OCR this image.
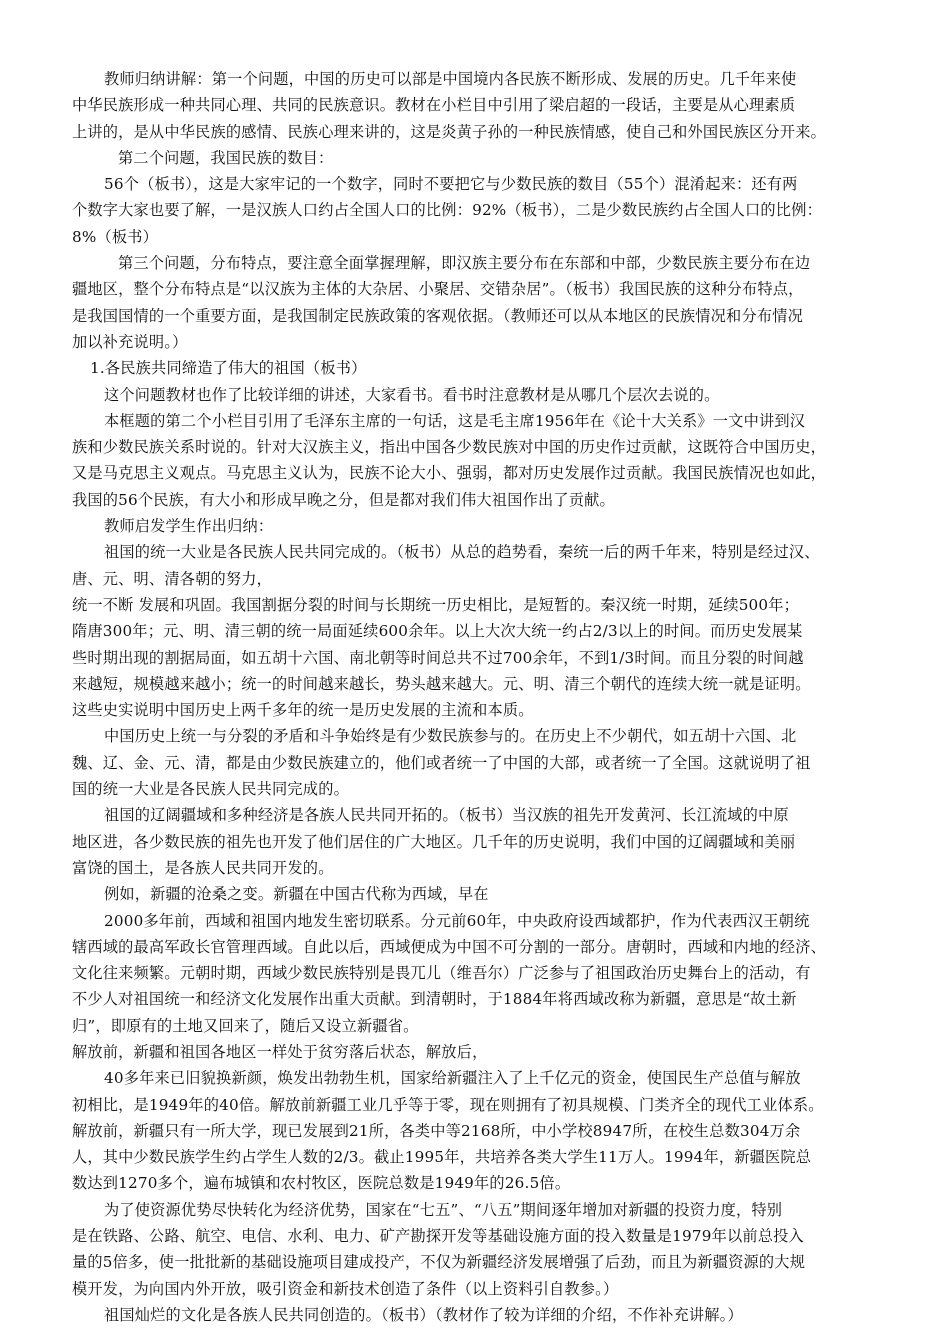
教师归纳讲解：第一个问题，中国的历史可以部是中国境内各民族不断形成、发展的历史。几千年来使
中华民族形成一种共同心理、共同的民族意识。教材在小栏目中引用了梁启超的一段话，主要是从心理素质
上讲的，是从中华民族的感情、民族心理来讲的，这是炎黄子孙的一种民族情感，使自己和外国民族区分开来。
第二个问题，我国民族的数目：
56个（板书），这是大家牢记的一个数字，同时不要把它与少数民族的数目（55个）混淆起来：还有两
个数字大家也要了解，一是汉族人口约占全国人口的比例：92%（板书），二是少数民族约占全国人口的比例：
8%（板书）
第三个问题，分布特点，要注意全面掌握理解，即汉族主要分布在东部和中部，少数民族主要分布在边
疆地区，整个分布特点是“以汉族为主体的大杂居、小聚居、交错杂居”。（板书）我国民族的这种分布特点，
是我国国情的一个重要方面，是我国制定民族政策的客观依据。（教师还可以从本地区的民族情况和分布情况
加以补充说明。）
1.各民族共同缔造了伟大的祖国（板书）
这个问题教材也作了比较详细的讲述，大家看书。看书时注意教材是从哪几个层次去说的。
本框题的第二个小栏目引用了毛泽东主席的一句话，这是毛主席1956年在《论十大关系》一文中讲到汉
族和少数民族关系时说的。针对大汉族主义，指出中国各少数民族对中国的历史作过贡献，这既符合中国历史，
又是马克思主义观点。马克思主义认为，民族不论大小、强弱，都对历史发展作过贡献。我国民族情况也如此，
我国的56个民族，有大小和形成早晚之分，但是都对我们伟大祖国作出了贡献。
教师启发学生作出归纳：
祖国的统一大业是各民族人民共同完成的。（板书）从总的趋势看，秦统一后的两千年来，特别是经过汉、
唐、元、明、清各朝的努力，
统一不断 发展和巩固。我国割据分裂的时间与长期统一历史相比，是短暂的。秦汉统一时期，延续500年；
隋唐300年；元、明、清三朝的统一局面延续600余年。以上大次大统一约占2/3以上的时间。而历史发展某
些时期出现的割据局面，如五胡十六国、南北朝等时间总共不过700余年，不到1/3时间。而且分裂的时间越
来越短，规模越来越小；统一的时间越来越长，势头越来越大。元、明、清三个朝代的连续大统一就是证明。
这些史实说明中国历史上两千多年的统一是历史发展的主流和本质。
中国历史上统一与分裂的矛盾和斗争始终是有少数民族参与的。在历史上不少朝代，如五胡十六国、北
魏、辽、金、元、清，都是由少数民族建立的，他们或者统一了中国的大部，或者统一了全国。这就说明了祖
国的统一大业是各民族人民共同完成的。
祖国的辽阔疆域和多种经济是各族人民共同开拓的。（板书）当汉族的祖先开发黄河、长江流域的中原
地区进，各少数民族的祖先也开发了他们居住的广大地区。几千年的历史说明，我们中国的辽阔疆域和美丽
富饶的国土，是各族人民共同开发的。
例如，新疆的沧桑之变。新疆在中国古代称为西域，早在
2000多年前，西域和祖国内地发生密切联系。分元前60年，中央政府设西域都护，作为代表西汉王朝统
辖西域的最高军政长官管理西域。自此以后，西域便成为中国不可分割的一部分。唐朝时，西域和内地的经济、
文化往来频繁。元朝时期，西域少数民族特别是畏兀儿（维吾尔）广泛参与了祖国政治历史舞台上的活动，有
不少人对祖国统一和经济文化发展作出重大贡献。到清朝时，于1884年将西域改称为新疆，意思是“故土新
归”，即原有的土地又回来了，随后又设立新疆省。
解放前，新疆和祖国各地区一样处于贫穷落后状态，解放后，
40多年来已旧貌换新颜，焕发出勃勃生机，国家给新疆注入了上千亿元的资金，使国民生产总值与解放
初相比，是1949年的40倍。解放前新疆工业几乎等于零，现在则拥有了初具规模、门类齐全的现代工业体系。
解放前，新疆只有一所大学，现已发展到21所，各类中等2168所，中小学校8947所，在校生总数304万余
人，其中少数民族学生约占学生人数的2/3。截止1995年，共培养各类大学生11万人。1994年，新疆医院总
数达到1270多个，遍布城镇和农村牧区，医院总数是1949年的26.5倍。
为了使资源优势尽快转化为经济优势，国家在“七五”、“八五”期间逐年增加对新疆的投资力度，特别
是在铁路、公路、航空、电信、水利、电力、矿产勘探开发等基础设施方面的投入数量是1979年以前总投入
量的5倍多，使一批批新的基础设施项目建成投产，不仅为新疆经济发展增强了后劲，而且为新疆资源的大规
模开发，为向国内外开放，吸引资金和新技术创造了条件（以上资料引自教参。）
祖国灿烂的文化是各族人民共同创造的。（板书）（教材作了较为详细的介绍，不作补充讲解。）
